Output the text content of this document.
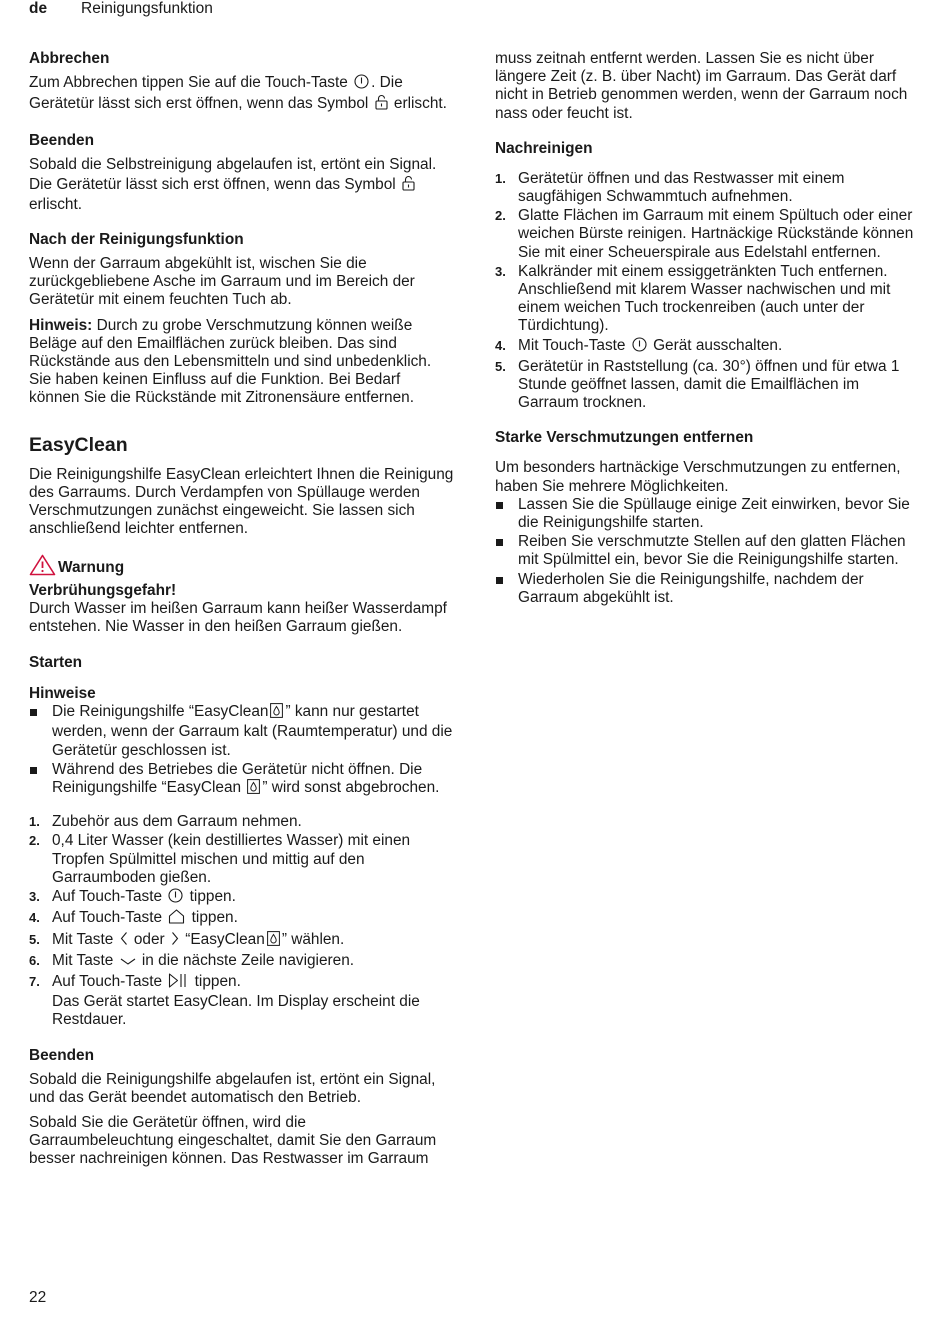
de Reinigungsfunktion
Abbrechen

Zum Abbrechen tippen Sie auf die Touch-Taste . Die Gerätetür lässt sich erst öffnen, wenn das Symbol erlischt.

Beenden

Sobald die Selbstreinigung abgelaufen ist, ertönt ein Signal. Die Gerätetür lässt sich erst öffnen, wenn das Symbol  erlischt.

Nach der Reinigungsfunktion

Wenn der Garraum abgekühlt ist, wischen Sie die zurückgebliebene Asche im Garraum und im Bereich der Gerätetür mit einem feuchten Tuch ab.

Hinweis: Durch zu grobe Verschmutzung können weiße Beläge auf den Emailflächen zurück bleiben. Das sind Rückstände aus den Lebensmitteln und sind unbedenklich. Sie haben keinen Einfluss auf die Funktion. Bei Bedarf können Sie die Rückstände mit Zitronensäure entfernen.

EasyClean

Die Reinigungshilfe EasyClean erleichtert Ihnen die Reinigung des Garraums. Durch Verdampfen von Spüllauge werden Verschmutzungen zunächst eingeweicht. Sie lassen sich anschließend leichter entfernen.

Warnung

Verbrühungsgefahr!

Durch Wasser im heißen Garraum kann heißer Wasserdampf entstehen. Nie Wasser in den heißen Garraum gießen.

Starten
Hinweise
Die Reinigungshilfe “EasyClean ” kann nur gestartet werden, wenn der Garraum kalt (Raumtemperatur) und die Gerätetür geschlossen ist.
Während des Betriebes die Gerätetür nicht öffnen. Die Reinigungshilfe “EasyClean ” wird sonst abgebrochen.
1. Zubehör aus dem Garraum nehmen.
2. 0,4 Liter Wasser (kein destilliertes Wasser) mit einen Tropfen Spülmittel mischen und mittig auf den Garraumboden gießen.
3. Auf Touch-Taste tippen.
4. Auf Touch-Taste tippen.
5. Mit Taste oder “EasyClean ” wählen.
6. Mit Taste in die nächste Zeile navigieren.
7. Auf Touch-Taste tippen.
Das Gerät startet EasyClean. Im Display erscheint die Restdauer.
Beenden

Sobald die Reinigungshilfe abgelaufen ist, ertönt ein Signal, und das Gerät beendet automatisch den Betrieb.

Sobald Sie die Gerätetür öffnen, wird die Garraumbeleuchtung eingeschaltet, damit Sie den Garraum besser nachreinigen können. Das Restwasser im Garraum

muss zeitnah entfernt werden. Lassen Sie es nicht über längere Zeit (z. B. über Nacht) im Garraum. Das Gerät darf nicht in Betrieb genommen werden, wenn der Garraum noch nass oder feucht ist.

Nachreinigen
1. Gerätetür öffnen und das Restwasser mit einem saugfähigen Schwammtuch aufnehmen.
2. Glatte Flächen im Garraum mit einem Spültuch oder einer weichen Bürste reinigen. Hartnäckige Rückstände können Sie mit einer Scheuerspirale aus Edelstahl entfernen.
3. Kalkränder mit einem essiggetränkten Tuch entfernen. Anschließend mit klarem Wasser nachwischen und mit einem weichen Tuch trockenreiben (auch unter der Türdichtung).
4. Mit Touch-Taste Gerät ausschalten.
5. Gerätetür in Raststellung (ca. 30°) öffnen und für etwa 1 Stunde geöffnet lassen, damit die Emailflächen im Garraum trocknen.
Starke Verschmutzungen entfernen

Um besonders hartnäckige Verschmutzungen zu entfernen, haben Sie mehrere Möglichkeiten.

Lassen Sie die Spüllauge einige Zeit einwirken, bevor Sie die Reinigungshilfe starten.
Reiben Sie verschmutzte Stellen auf den glatten Flächen mit Spülmittel ein, bevor Sie die Reinigungshilfe starten.
Wiederholen Sie die Reinigungshilfe, nachdem der Garraum abgekühlt ist.
22
